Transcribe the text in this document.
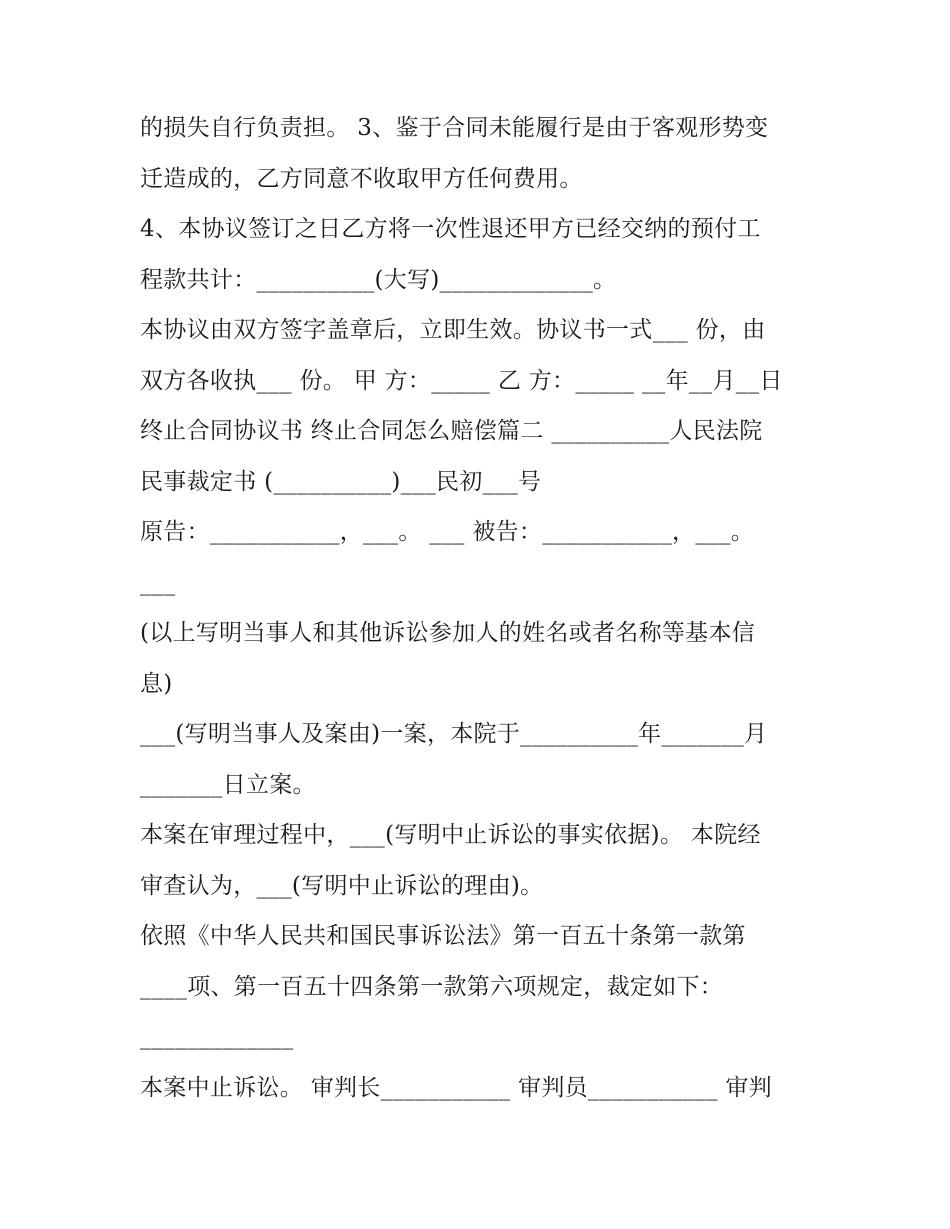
的损失自行负责担。 3、鉴于合同未能履行是由于客观形势变
迁造成的，乙方同意不收取甲方任何费用。
4、本协议签订之日乙方将一次性退还甲方已经交纳的预付工
程款共计：__________(大写)_____________。
本协议由双方签字盖章后，立即生效。协议书一式___ 份，由
双方各收执___ 份。 甲 方：_____ 乙 方：_____ __年__月__日
终止合同协议书 终止合同怎么赔偿篇二 __________人民法院
民事裁定书 (__________)___民初___号
原告：___________，___。 ___ 被告：___________，___。
___
(以上写明当事人和其他诉讼参加人的姓名或者名称等基本信
息)
___(写明当事人及案由)一案，本院于__________年_______月
_______日立案。
本案在审理过程中，___(写明中止诉讼的事实依据)。 本院经
审查认为，___(写明中止诉讼的理由)。
依照《中华人民共和国民事诉讼法》第一百五十条第一款第
____项、第一百五十四条第一款第六项规定，裁定如下：
_____________
本案中止诉讼。 审判长___________ 审判员___________ 审判
